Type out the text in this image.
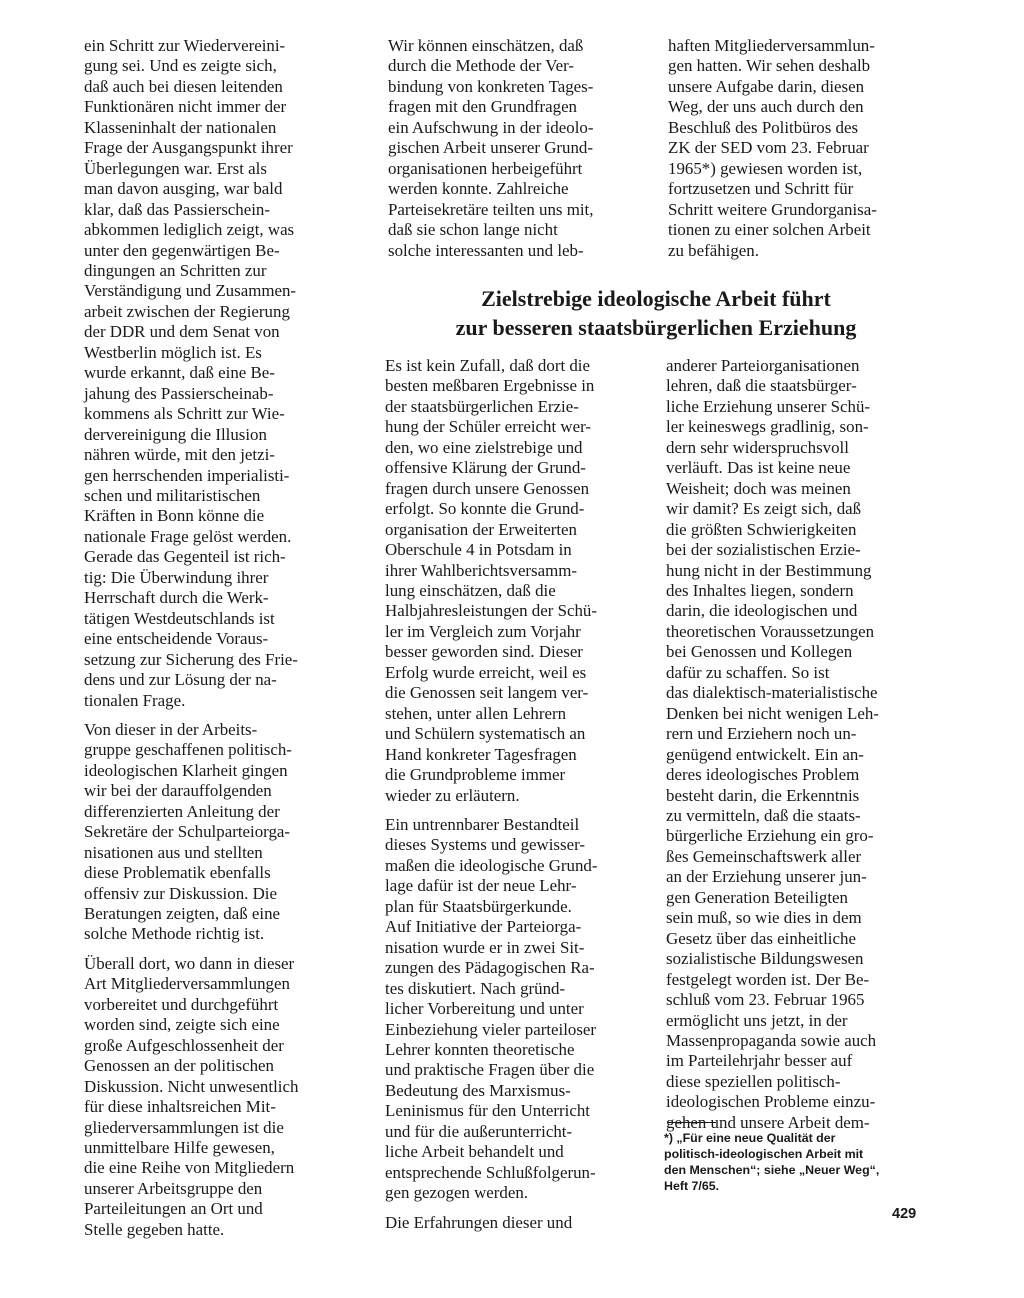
ein Schritt zur Wiedervereini-
gung sei. Und es zeigte sich,
daß auch bei diesen leitenden
Funktionären nicht immer der
Klasseninhalt der nationalen
Frage der Ausgangspunkt ihrer
Überlegungen war. Erst als
man davon ausging, war bald
klar, daß das Passierschein-
abkommen lediglich zeigt, was
unter den gegenwärtigen Be-
dingungen an Schritten zur
Verständigung und Zusammen-
arbeit zwischen der Regierung
der DDR und dem Senat von
Westberlin möglich ist. Es
wurde erkannt, daß eine Be-
jahung des Passierscheinab-
kommens als Schritt zur Wie-
dervereinigung die Illusion
nähren würde, mit den jetzi-
gen herrschenden imperialisti-
schen und militaristischen
Kräften in Bonn könne die
nationale Frage gelöst werden.
Gerade das Gegenteil ist rich-
tig: Die Überwindung ihrer
Herrschaft durch die Werk-
tätigen Westdeutschlands ist
eine entscheidende Voraus-
setzung zur Sicherung des Frie-
dens und zur Lösung der na-
tionalen Frage.

Von dieser in der Arbeits-
gruppe geschaffenen politisch-
ideologischen Klarheit gingen
wir bei der darauffolgenden
differenzierten Anleitung der
Sekretäre der Schulparteiorga-
nisationen aus und stellten
diese Problematik ebenfalls
offensiv zur Diskussion. Die
Beratungen zeigten, daß eine
solche Methode richtig ist.

Überall dort, wo dann in dieser
Art Mitgliederversammlungen
vorbereitet und durchgeführt
worden sind, zeigte sich eine
große Aufgeschlossenheit der
Genossen an der politischen
Diskussion. Nicht unwesentlich
für diese inhaltsreichen Mit-
gliederversammlungen ist die
unmittelbare Hilfe gewesen,
die eine Reihe von Mitgliedern
unserer Arbeitsgruppe den
Parteileitungen an Ort und
Stelle gegeben hatte.

Wir können einschätzen, daß
durch die Methode der Ver-
bindung von konkreten Tages-
fragen mit den Grundfragen
ein Aufschwung in der ideolo-
gischen Arbeit unserer Grund-
organisationen herbeigeführt
werden konnte. Zahlreiche
Parteisekretäre teilten uns mit,
daß sie schon lange nicht
solche interessanten und leb-

haften Mitgliederversammlun-
gen hatten. Wir sehen deshalb
unsere Aufgabe darin, diesen
Weg, der uns auch durch den
Beschluß des Politbüros des
ZK der SED vom 23. Februar
1965*) gewiesen worden ist,
fortzusetzen und Schritt für
Schritt weitere Grundorganisa-
tionen zu einer solchen Arbeit
zu befähigen.

Zielstrebige ideologische Arbeit führt
zur besseren staatsbürgerlichen Erziehung

Es ist kein Zufall, daß dort die
besten meßbaren Ergebnisse in
der staatsbürgerlichen Erzie-
hung der Schüler erreicht wer-
den, wo eine zielstrebige und
offensive Klärung der Grund-
fragen durch unsere Genossen
erfolgt. So konnte die Grund-
organisation der Erweiterten
Oberschule 4 in Potsdam in
ihrer Wahlberichtsversamm-
lung einschätzen, daß die
Halbjahresleistungen der Schü-
ler im Vergleich zum Vorjahr
besser geworden sind. Dieser
Erfolg wurde erreicht, weil es
die Genossen seit langem ver-
stehen, unter allen Lehrern
und Schülern systematisch an
Hand konkreter Tagesfragen
die Grundprobleme immer
wieder zu erläutern.

Ein untrennbarer Bestandteil
dieses Systems und gewisser-
maßen die ideologische Grund-
lage dafür ist der neue Lehr-
plan für Staatsbürgerkunde.
Auf Initiative der Parteiorga-
nisation wurde er in zwei Sit-
zungen des Pädagogischen Ra-
tes diskutiert. Nach gründ-
licher Vorbereitung und unter
Einbeziehung vieler parteiloser
Lehrer konnten theoretische
und praktische Fragen über die
Bedeutung des Marxismus-
Leninismus für den Unterricht
und für die außerunterricht-
liche Arbeit behandelt und
entsprechende Schlußfolgerun-
gen gezogen werden.

Die Erfahrungen dieser und

anderer Parteiorganisationen
lehren, daß die staatsbürger-
liche Erziehung unserer Schü-
ler keineswegs gradlinig, son-
dern sehr widerspruchsvoll
verläuft. Das ist keine neue
Weisheit; doch was meinen
wir damit? Es zeigt sich, daß
die größten Schwierigkeiten
bei der sozialistischen Erzie-
hung nicht in der Bestimmung
des Inhaltes liegen, sondern
darin, die ideologischen und
theoretischen Voraussetzungen
bei Genossen und Kollegen
dafür zu schaffen. So ist
das dialektisch-materialistische
Denken bei nicht wenigen Leh-
rern und Erziehern noch un-
genügend entwickelt. Ein an-
deres ideologisches Problem
besteht darin, die Erkenntnis
zu vermitteln, daß die staats-
bürgerliche Erziehung ein gro-
ßes Gemeinschaftswerk aller
an der Erziehung unserer jun-
gen Generation Beteiligten
sein muß, so wie dies in dem
Gesetz über das einheitliche
sozialistische Bildungswesen
festgelegt worden ist. Der Be-
schluß vom 23. Februar 1965
ermöglicht uns jetzt, in der
Massenpropaganda sowie auch
im Parteilehrjahr besser auf
diese speziellen politisch-
ideologischen Probleme einzu-
gehen und unsere Arbeit dem-

*) „Für eine neue Qualität der
politisch-ideologischen Arbeit mit
den Menschen“; siehe „Neuer Weg“,
Heft 7/65.
429
